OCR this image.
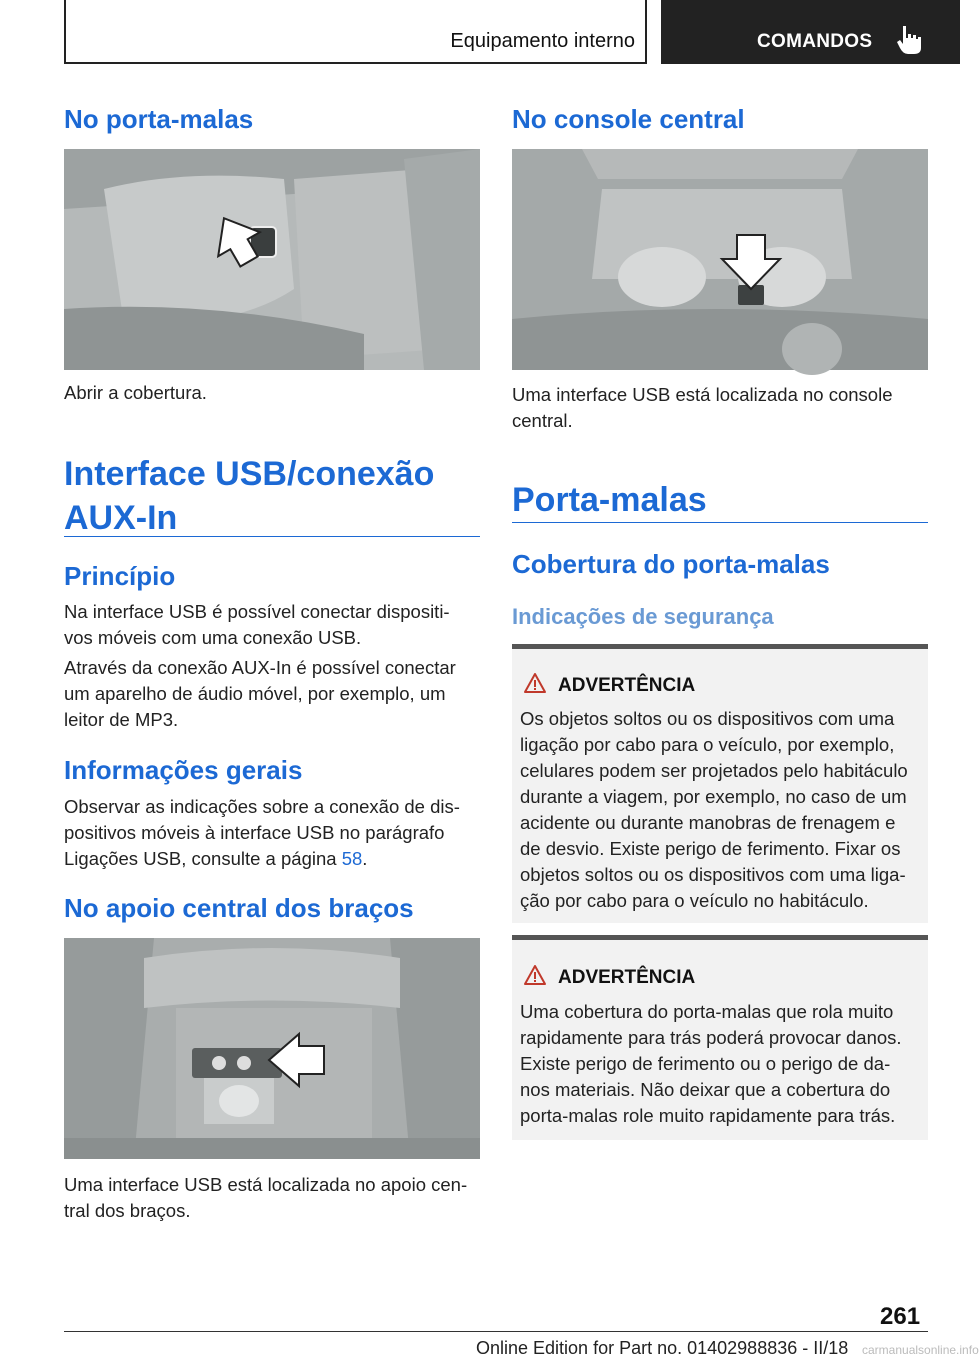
Equipamento interno	COMANDOS
No porta-malas
Abrir a cobertura.
Interface USB/conexão
AUX-In
Princípio

Na interface USB é possível conectar dispositi-
vos móveis com uma conexão USB.

Através da conexão AUX-In é possível conectar
um aparelho de áudio móvel, por exemplo, um
leitor de MP3.

Informações gerais

Observar as indicações sobre a conexão de dis-
positivos móveis à interface USB no parágrafo
Ligações USB, consulte a página 58.

No apoio central dos braços

Uma interface USB está localizada no apoio cen-
tral dos braços.

No console central

Uma interface USB está localizada no console
central.

Porta-malas
Cobertura do porta-malas
Indicações de segurança
ADVERTÊNCIA

Os objetos soltos ou os dispositivos com uma
ligação por cabo para o veículo, por exemplo,
celulares podem ser projetados pelo habitáculo
durante a viagem, por exemplo, no caso de um
acidente ou durante manobras de frenagem e
de desvio. Existe perigo de ferimento. Fixar os
objetos soltos ou os dispositivos com uma liga-
ção por cabo para o veículo no habitáculo.

ADVERTÊNCIA

Uma cobertura do porta-malas que rola muito
rapidamente para trás poderá provocar danos.
Existe perigo de ferimento ou o perigo de da-
nos materiais. Não deixar que a cobertura do
porta-malas role muito rapidamente para trás.

261
Online Edition for Part no. 01402988836 - II/18 carmanualsonline.info
